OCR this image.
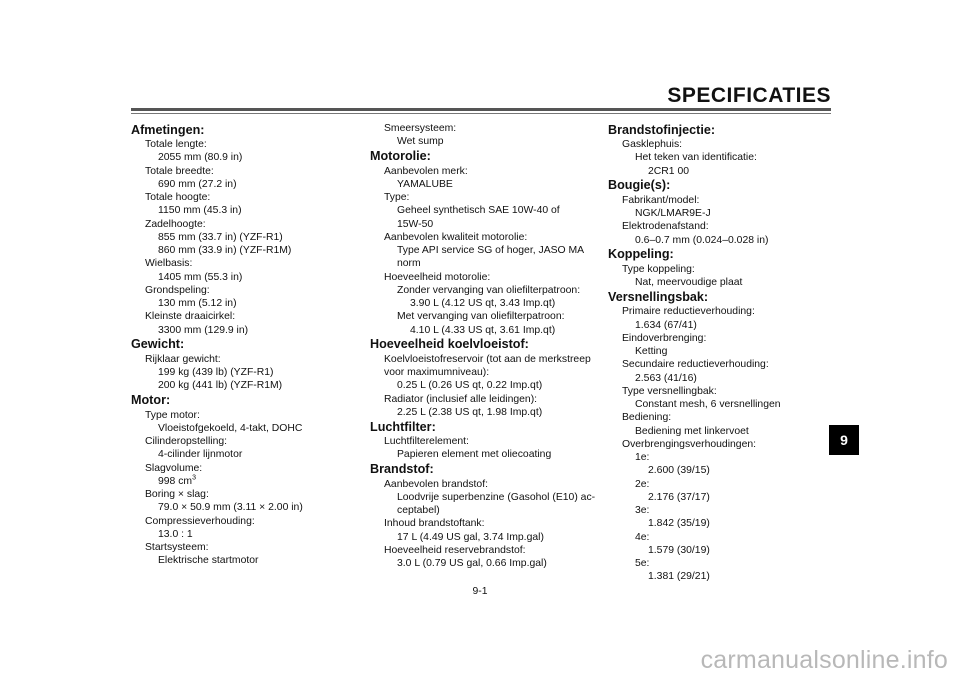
SPECIFICATIES
Afmetingen:
Totale lengte:
2055 mm (80.9 in)
Totale breedte:
690 mm (27.2 in)
Totale hoogte:
1150 mm (45.3 in)
Zadelhoogte:
855 mm (33.7 in) (YZF-R1)
860 mm (33.9 in) (YZF-R1M)
Wielbasis:
1405 mm (55.3 in)
Grondspeling:
130 mm (5.12 in)
Kleinste draaicirkel:
3300 mm (129.9 in)
Gewicht:
Rijklaar gewicht:
199 kg (439 lb) (YZF-R1)
200 kg (441 lb) (YZF-R1M)
Motor:
Type motor:
Vloeistofgekoeld, 4-takt, DOHC
Cilinderopstelling:
4-cilinder lijnmotor
Slagvolume:
998 $cm^3$
Boring × slag:
79.0 × 50.9 mm (3.11 × 2.00 in)
Compressieverhouding:
13.0 : 1
Startsysteem:
Elektrische startmotor
Smeersysteem:
Wet sump
Motorolie:
Aanbevolen merk:
YAMALUBE
Type:
Geheel synthetisch SAE 10W-40 of
15W-50
Aanbevolen kwaliteit motorolie:
Type API service SG of hoger, JASO MA
norm
Hoeveelheid motorolie:
Zonder vervanging van oliefilterpatroon:
3.90 L (4.12 US qt, 3.43 Imp.qt)
Met vervanging van oliefilterpatroon:
4.10 L (4.33 US qt, 3.61 Imp.qt)
Hoeveelheid koelvloeistof:
Koelvloeistofreservoir (tot aan de merkstreep
voor maximumniveau):
0.25 L (0.26 US qt, 0.22 Imp.qt)
Radiator (inclusief alle leidingen):
2.25 L (2.38 US qt, 1.98 Imp.qt)
Luchtfilter:
Luchtfilterelement:
Papieren element met oliecoating
Brandstof:
Aanbevolen brandstof:
Loodvrije superbenzine (Gasohol (E10) ac-
ceptabel)
Inhoud brandstoftank:
17 L (4.49 US gal, 3.74 Imp.gal)
Hoeveelheid reservebrandstof:
3.0 L (0.79 US gal, 0.66 Imp.gal)
Brandstofinjectie:
Gasklephuis:
Het teken van identificatie:
2CR1 00
Bougie(s):
Fabrikant/model:
NGK/LMAR9E-J
Elektrodenafstand:
0.6–0.7 mm (0.024–0.028 in)
Koppeling:
Type koppeling:
Nat, meervoudige plaat
Versnellingsbak:
Primaire reductieverhouding:
1.634 (67/41)
Eindoverbrenging:
Ketting
Secundaire reductieverhouding:
2.563 (41/16)
Type versnellingbak:
Constant mesh, 6 versnellingen
Bediening:
Bediening met linkervoet
Overbrengingsverhoudingen:
1e:
2.600 (39/15)
2e:
2.176 (37/17)
3e:
1.842 (35/19)
4e:
1.579 (30/19)
5e:
1.381 (29/21)
9
9-1
carmanualsonline.info
